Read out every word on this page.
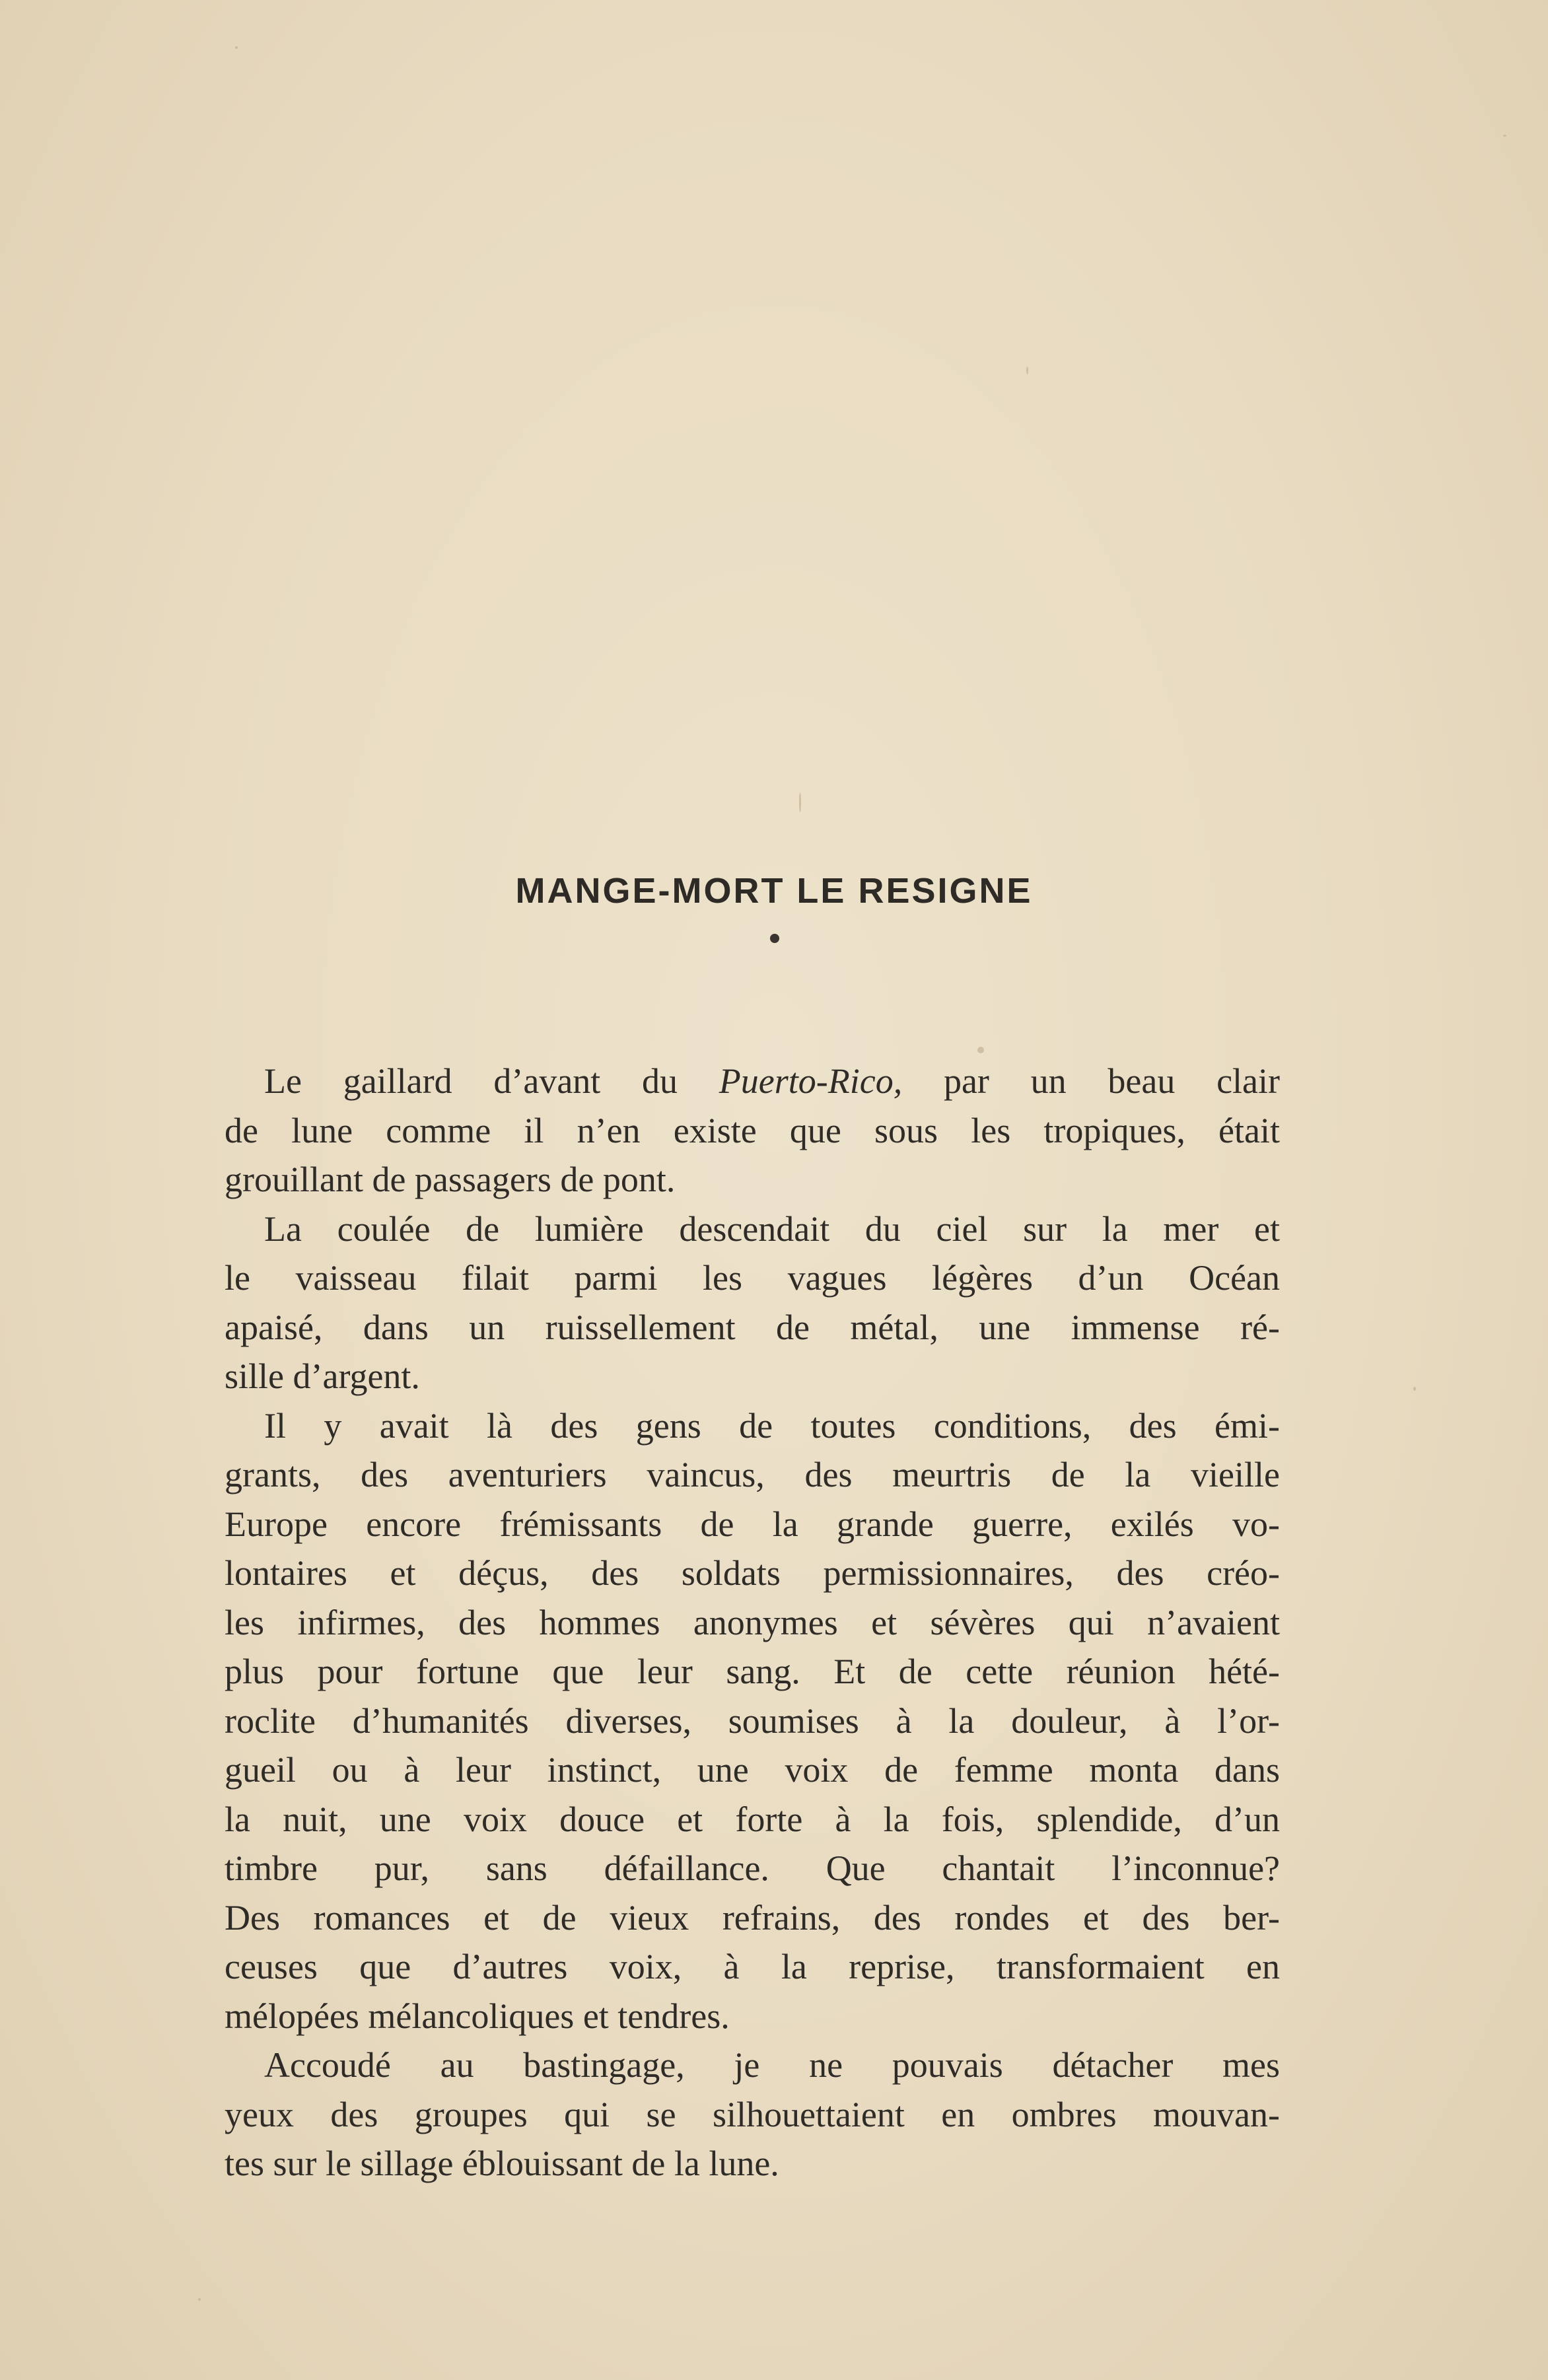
MANGE-MORT LE RESIGNE

Le gaillard d’avant du Puerto-Rico, par un beau clair
de lune comme il n’en existe que sous les tropiques, était
grouillant de passagers de pont.

La coulée de lumière descendait du ciel sur la mer et
le vaisseau filait parmi les vagues légères d’un Océan
apaisé, dans un ruissellement de métal, une immense ré-
sille d’argent.

Il y avait là des gens de toutes conditions, des émi-
grants, des aventuriers vaincus, des meurtris de la vieille
Europe encore frémissants de la grande guerre, exilés vo-
lontaires et déçus, des soldats permissionnaires, des créo-
les infirmes, des hommes anonymes et sévères qui n’avaient
plus pour fortune que leur sang. Et de cette réunion hété-
roclite d’humanités diverses, soumises à la douleur, à l’or-
gueil ou à leur instinct, une voix de femme monta dans
la nuit, une voix douce et forte à la fois, splendide, d’un
timbre pur, sans défaillance. Que chantait l’inconnue?
Des romances et de vieux refrains, des rondes et des ber-
ceuses que d’autres voix, à la reprise, transformaient en
mélopées mélancoliques et tendres.

Accoudé au bastingage, je ne pouvais détacher mes
yeux des groupes qui se silhouettaient en ombres mouvan-
tes sur le sillage éblouissant de la lune.
